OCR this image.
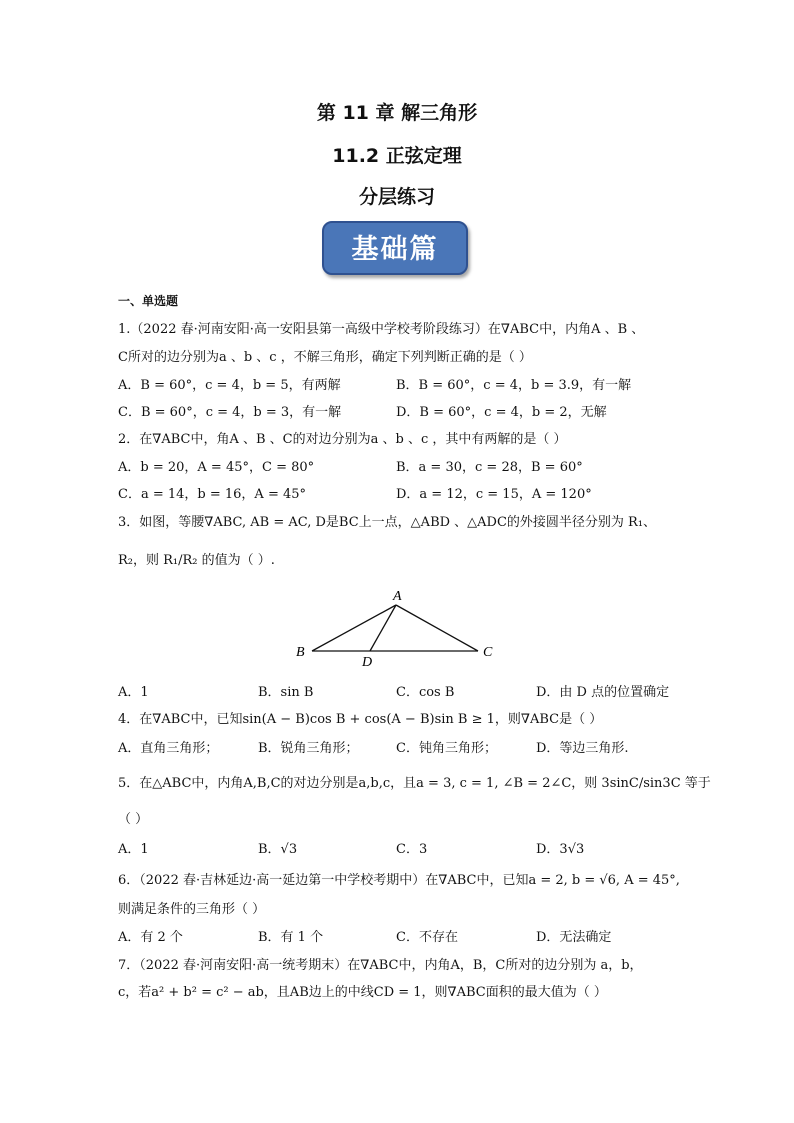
第 11 章 解三角形
11.2 正弦定理
分层练习
基础篇
一、单选题
1.（2022 春·河南安阳·高一安阳县第一高级中学校考阶段练习）在∇ABC中，内角A 、B 、
C所对的边分别为a 、b 、c ，不解三角形，确定下列判断正确的是（ ）
A．B = 60°，c = 4，b = 5，有两解	B．B = 60°，c = 4，b = 3.9，有一解
C．B = 60°，c = 4，b = 3，有一解	D．B = 60°，c = 4，b = 2，无解
2．在∇ABC中，角A 、B 、C的对边分别为a 、b 、c ，其中有两解的是（ ）
A．b = 20，A = 45°，C = 80°	B．a = 30，c = 28，B = 60°
C．a = 14，b = 16，A = 45°	D．a = 12，c = 15，A = 120°
3．如图，等腰∇ABC, AB = AC, D是BC上一点，△ABD 、△ADC的外接圆半径分别为 R₁、
R₂，则 R₁/R₂ 的值为（ ）.
A
B	C
D
A．1	B．sin B	C．cos B	D．由 D 点的位置确定
4．在∇ABC中，已知sin(A − B)cos B + cos(A − B)sin B ≥ 1，则∇ABC是（ ）
A．直角三角形；	B．锐角三角形；	C．钝角三角形；	D．等边三角形.
5．在△ABC中，内角A,B,C的对边分别是a,b,c，且a = 3, c = 1, ∠B = 2∠C，则 3sinC/sin3C 等于
（ ）
A．1	B．√3	C．3	D．3√3
6．（2022 春·吉林延边·高一延边第一中学校考期中）在∇ABC中，已知a = 2, b = √6, A = 45°,
则满足条件的三角形（ ）
A．有 2 个	B．有 1 个	C．不存在	D．无法确定
7．（2022 春·河南安阳·高一统考期末）在∇ABC中，内角A，B，C所对的边分别为 a，b，
c，若a² + b² = c² − ab，且AB边上的中线CD = 1，则∇ABC面积的最大值为（ ）
